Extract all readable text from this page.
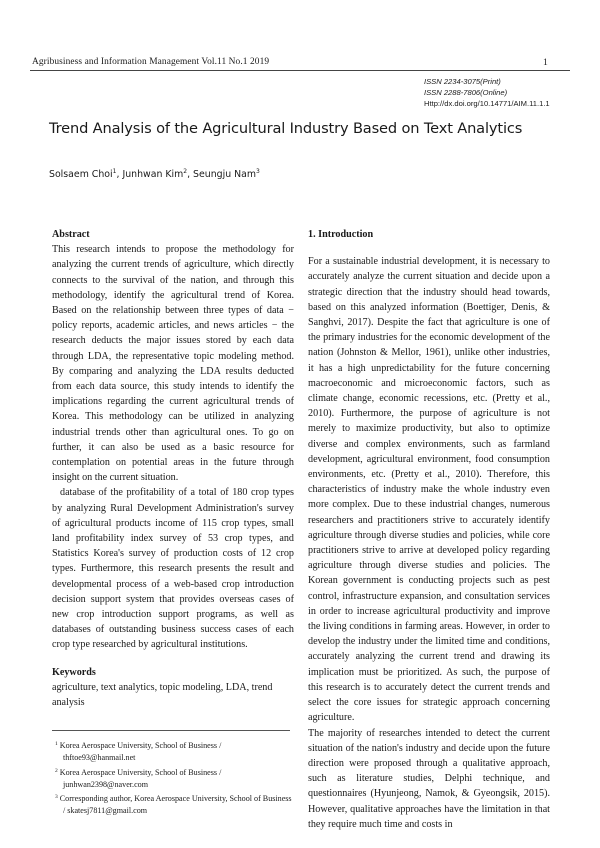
Agribusiness and Information Management Vol.11 No.1 2019	1
ISSN 2234-3075(Print)
ISSN 2288-7806(Online)
Http://dx.doi.org/10.14771/AIM.11.1.1
Trend Analysis of the Agricultural Industry Based on Text Analytics
Solsaem Choi$^1$, Junhwan Kim$^2$, Seungju Nam$^3$
Abstract

This research intends to propose the methodology for analyzing the current trends of agriculture, which directly connects to the survival of the nation, and through this methodology, identify the agricultural trend of Korea. Based on the relationship between three types of data − policy reports, academic articles, and news articles − the research deducts the major issues stored by each data through LDA, the representative topic modeling method. By comparing and analyzing the LDA results deducted from each data source, this study intends to identify the implications regarding the current agricultural trends of Korea. This methodology can be utilized in analyzing industrial trends other than agricultural ones. To go on further, it can also be used as a basic resource for contemplation on potential areas in the future through insight on the current situation.

database of the profitability of a total of 180 crop types by analyzing Rural Development Administration's survey of agricultural products income of 115 crop types, small land profitability index survey of 53 crop types, and Statistics Korea's survey of production costs of 12 crop types. Furthermore, this research presents the result and developmental process of a web-based crop introduction decision support system that provides overseas cases of new crop introduction support programs, as well as databases of outstanding business success cases of each crop type researched by agricultural institutions.

Keywords

agriculture, text analytics, topic modeling, LDA, trend analysis

1. Introduction

For a sustainable industrial development, it is necessary to accurately analyze the current situation and decide upon a strategic direction that the industry should head towards, based on this analyzed information (Boettiger, Denis, & Sanghvi, 2017). Despite the fact that agriculture is one of the primary industries for the economic development of the nation (Johnston & Mellor, 1961), unlike other industries, it has a high unpredictability for the future concerning macroeconomic and microeconomic factors, such as climate change, economic recessions, etc. (Pretty et al., 2010). Furthermore, the purpose of agriculture is not merely to maximize productivity, but also to optimize diverse and complex environments, such as farmland development, agricultural environment, food consumption environments, etc. (Pretty et al., 2010). Therefore, this characteristics of industry make the whole industry even more complex. Due to these industrial changes, numerous researchers and practitioners strive to accurately identify agriculture through diverse studies and policies, while core practitioners strive to arrive at developed policy regarding agriculture through diverse studies and policies. The Korean government is conducting projects such as pest control, infrastructure expansion, and consultation services in order to increase agricultural productivity and improve the living conditions in farming areas. However, in order to develop the industry under the limited time and conditions, accurately analyzing the current trend and drawing its implication must be prioritized. As such, the purpose of this research is to accurately detect the current trends and select the core issues for strategic approach concerning agriculture.

The majority of researches intended to detect the current situation of the nation's industry and decide upon the future direction were proposed through a qualitative approach, such as literature studies, Delphi technique, and questionnaires (Hyunjeong, Namok, & Gyeongsik, 2015). However, qualitative approaches have the limitation in that they require much time and costs in

$^1$ Korea Aerospace University, School of Business / thftoe93@hanmail.net

$^2$ Korea Aerospace University, School of Business / junhwan2398@naver.com

$^3$ Corresponding author, Korea Aerospace University, School of Business / skatesj7811@gmail.com
